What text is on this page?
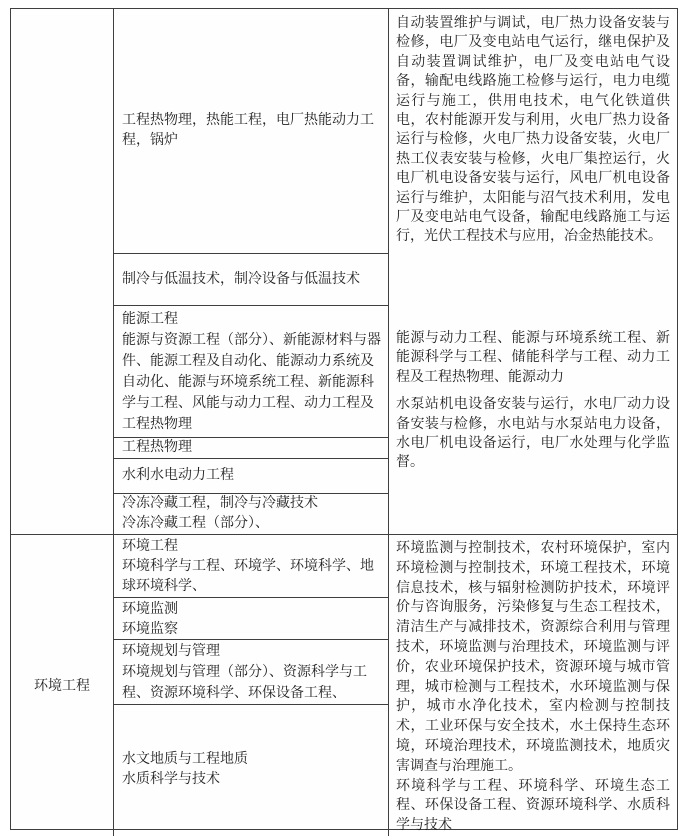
工程热物理，热能工程，电厂热能动力工程，锅炉
制冷与低温技术，制冷设备与低温技术
能源工程
能源与资源工程（部分）、新能源材料与器件、能源工程及自动化、能源动力系统及自动化、能源与环境系统工程、新能源科学与工程、风能与动力工程、动力工程及工程热物理
工程热物理
水利水电动力工程
冷冻冷藏工程，制冷与冷藏技术
冷冻冷藏工程（部分）、

自动装置维护与调试，电厂热力设备安装与检修，电厂及变电站电气运行，继电保护及自动装置调试维护，电厂及变电站电气设备，输配电线路施工检修与运行，电力电缆运行与施工，供用电技术，电气化铁道供电，农村能源开发与利用，火电厂热力设备运行与检修，火电厂热力设备安装，火电厂热工仪表安装与检修，火电厂集控运行，火电厂机电设备安装与运行，风电厂机电设备运行与维护，太阳能与沼气技术利用，发电厂及变电站电气设备，输配电线路施工与运行，光伏工程技术与应用，冶金热能技术。

能源与动力工程、能源与环境系统工程、新能源科学与工程、储能科学与工程、动力工程及工程热物理、能源动力

水泵站机电设备安装与运行，水电厂动力设备安装与检修，水电站与水泵站电力设备，水电厂机电设备运行，电厂水处理与化学监督。

环境工程
环境工程
环境科学与工程、环境学、环境科学、地球环境科学、
环境监测
环境监察
环境规划与管理
环境规划与管理（部分）、资源科学与工程、资源环境科学、环保设备工程、
水文地质与工程地质
水质科学与技术

环境监测与控制技术，农村环境保护，室内环境检测与控制技术，环境工程技术，环境信息技术，核与辐射检测防护技术，环境评价与咨询服务，污染修复与生态工程技术，清洁生产与减排技术，资源综合利用与管理技术，环境监测与治理技术，环境监测与评价，农业环境保护技术，资源环境与城市管理，城市检测与工程技术，水环境监测与保护，城市水净化技术，室内检测与控制技术，工业环保与安全技术，水土保持生态环境，环境治理技术，环境监测技术，地质灾害调查与治理施工。

环境科学与工程、环境科学、环境生态工程、环保设备工程、资源环境科学、水质科学与技术
